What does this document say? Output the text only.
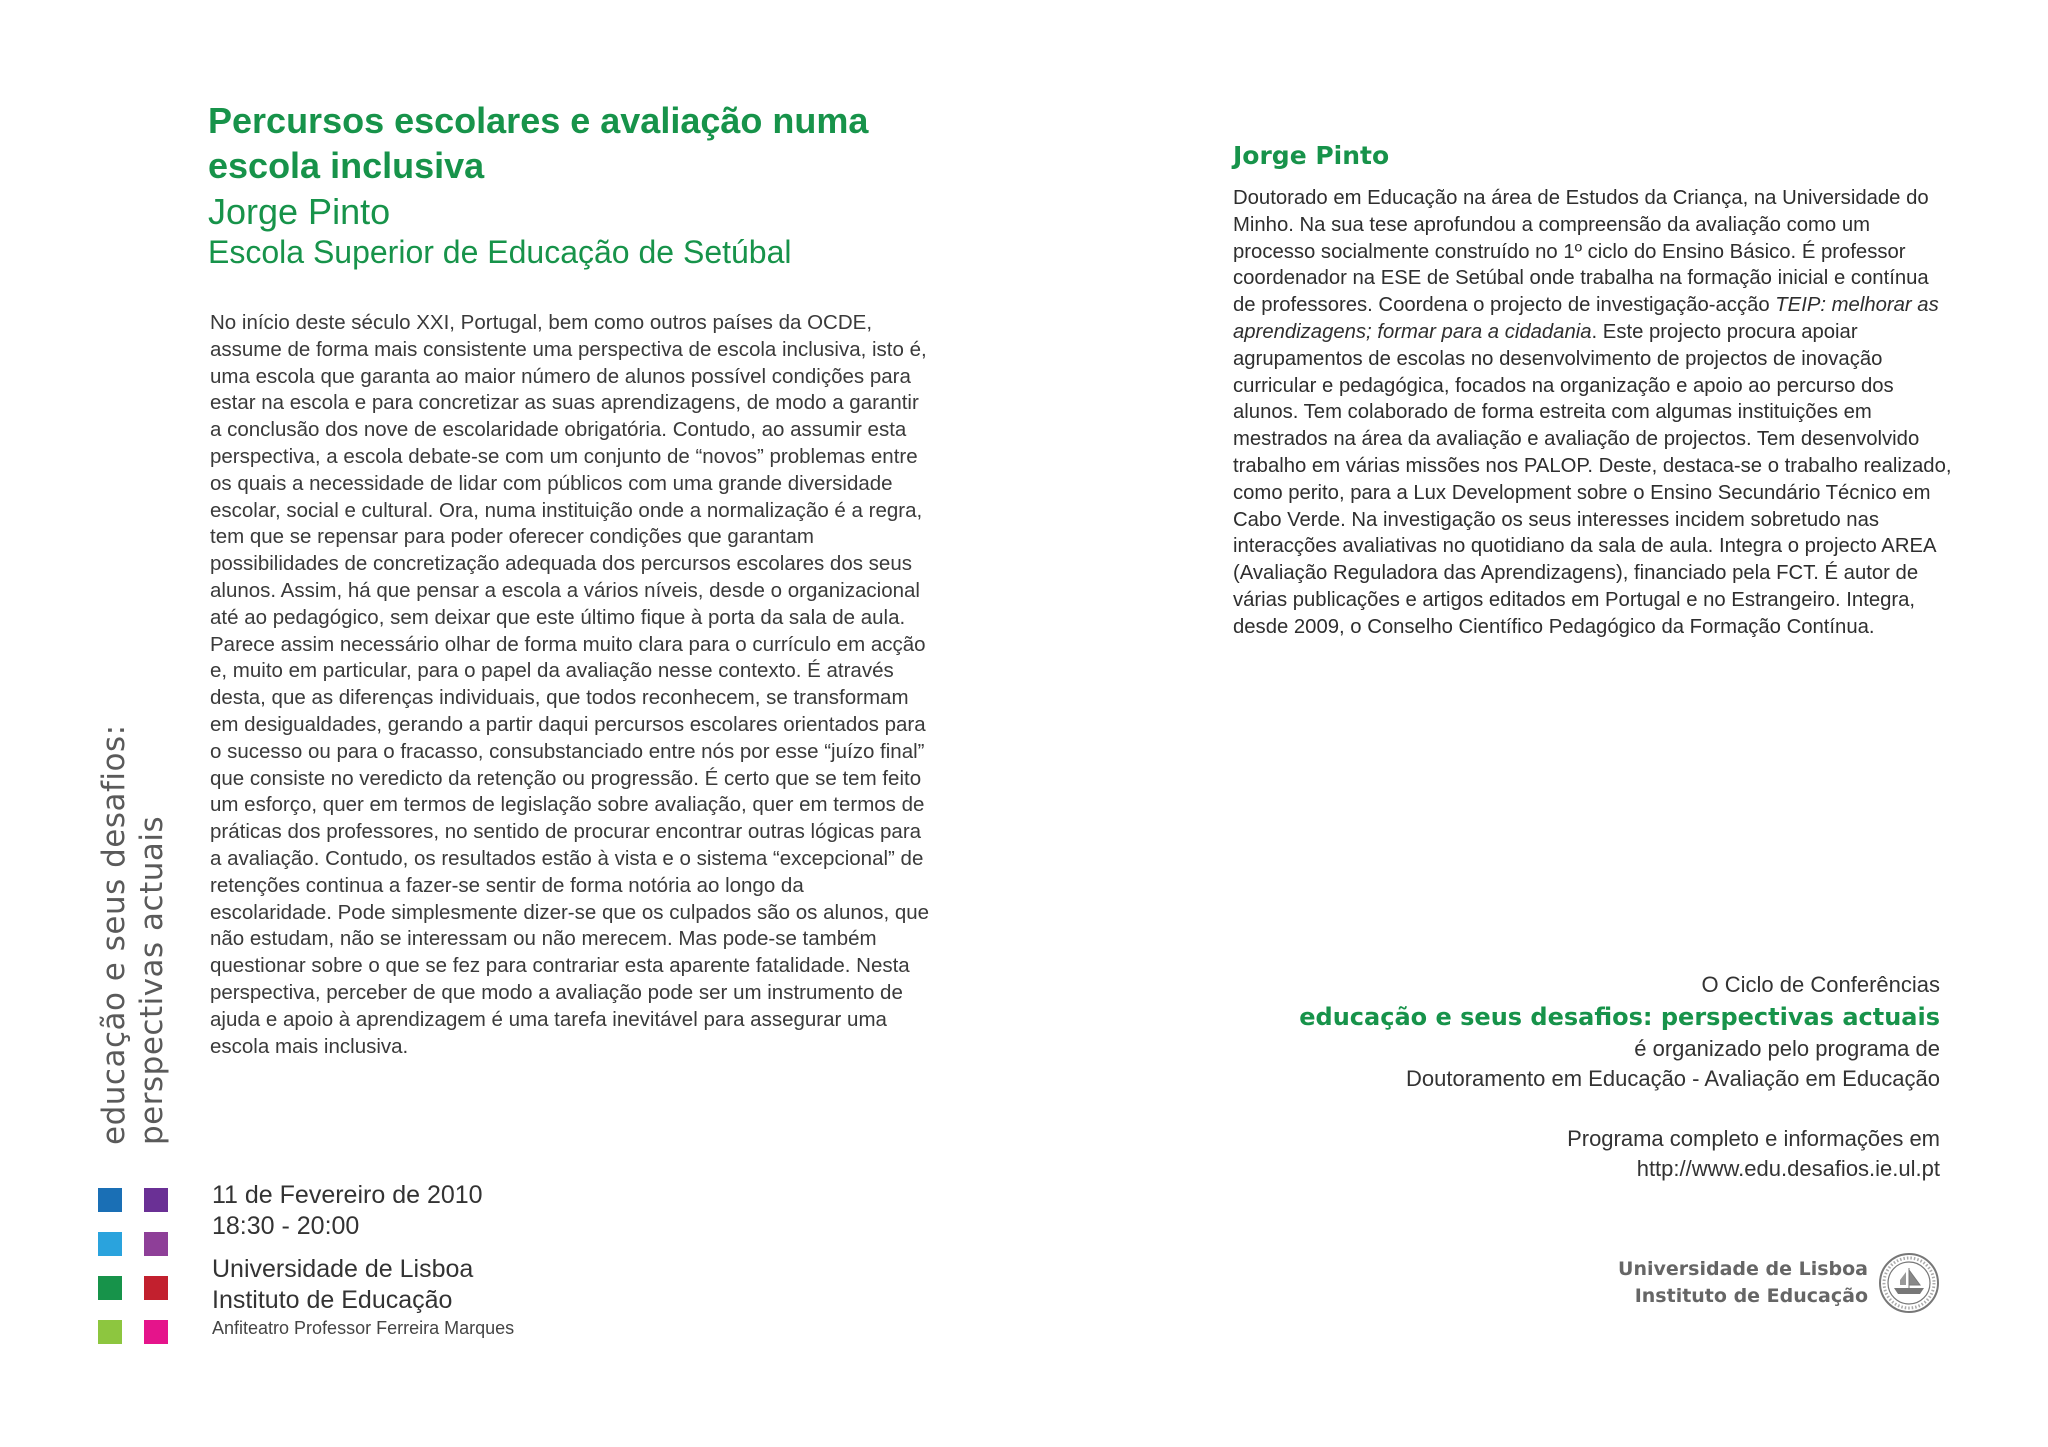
educação e seus desafios: perspectivas actuais
Percursos escolares e avaliação numa escola inclusiva
Jorge Pinto
Escola Superior de Educação de Setúbal

No início deste século XXI, Portugal, bem como outros países da OCDE, assume de forma mais consistente uma perspectiva de escola inclusiva, isto é, uma escola que garanta ao maior número de alunos possível condições para estar na escola e para concretizar as suas aprendizagens, de modo a garantir a conclusão dos nove de escolaridade obrigatória. Contudo, ao assumir esta perspectiva, a escola debate-se com um conjunto de “novos” problemas entre os quais a necessidade de lidar com públicos com uma grande diversidade escolar, social e cultural. Ora, numa instituição onde a normalização é a regra, tem que se repensar para poder oferecer condições que garantam possibilidades de concretização adequada dos percursos escolares dos seus alunos. Assim, há que pensar a escola a vários níveis, desde o organizacional até ao pedagógico, sem deixar que este último fique à porta da sala de aula. Parece assim necessário olhar de forma muito clara para o currículo em acção e, muito em particular, para o papel da avaliação nesse contexto. É através desta, que as diferenças individuais, que todos reconhecem, se transformam em desigualdades, gerando a partir daqui percursos escolares orientados para o sucesso ou para o fracasso, consubstanciado entre nós por esse “juízo final” que consiste no veredicto da retenção ou progressão. É certo que se tem feito um esforço, quer em termos de legislação sobre avaliação, quer em termos de práticas dos professores, no sentido de procurar encontrar outras lógicas para a avaliação. Contudo, os resultados estão à vista e o sistema “excepcional” de retenções continua a fazer-se sentir de forma notória ao longo da escolaridade. Pode simplesmente dizer-se que os culpados são os alunos, que não estudam, não se interessam ou não merecem. Mas pode-se também questionar sobre o que se fez para contrariar esta aparente fatalidade. Nesta perspectiva, perceber de que modo a avaliação pode ser um instrumento de ajuda e apoio à aprendizagem é uma tarefa inevitável para assegurar uma escola mais inclusiva.

11 de Fevereiro de 2010
18:30 - 20:00
Universidade de Lisboa
Instituto de Educação
Anfiteatro Professor Ferreira Marques
Jorge Pinto

Doutorado em Educação na área de Estudos da Criança, na Universidade do Minho. Na sua tese aprofundou a compreensão da avaliação como um processo socialmente construído no 1º ciclo do Ensino Básico. É professor coordenador na ESE de Setúbal onde trabalha na formação inicial e contínua de professores. Coordena o projecto de investigação-acção TEIP: melhorar as aprendizagens; formar para a cidadania. Este projecto procura apoiar agrupamentos de escolas no desenvolvimento de projectos de inovação curricular e pedagógica, focados na organização e apoio ao percurso dos alunos. Tem colaborado de forma estreita com algumas instituições em mestrados na área da avaliação e avaliação de projectos. Tem desenvolvido trabalho em várias missões nos PALOP. Deste, destaca-se o trabalho realizado, como perito, para a Lux Development sobre o Ensino Secundário Técnico em Cabo Verde. Na investigação os seus interesses incidem sobretudo nas interacções avaliativas no quotidiano da sala de aula. Integra o projecto AREA (Avaliação Reguladora das Aprendizagens), financiado pela FCT. É autor de várias publicações e artigos editados em Portugal e no Estrangeiro. Integra, desde 2009, o Conselho Científico Pedagógico da Formação Contínua.

O Ciclo de Conferências
educação e seus desafios: perspectivas actuais
é organizado pelo programa de
Doutoramento em Educação - Avaliação em Educação
Programa completo e informações em
http://www.edu.desafios.ie.ul.pt
Universidade de Lisboa
Instituto de Educação
